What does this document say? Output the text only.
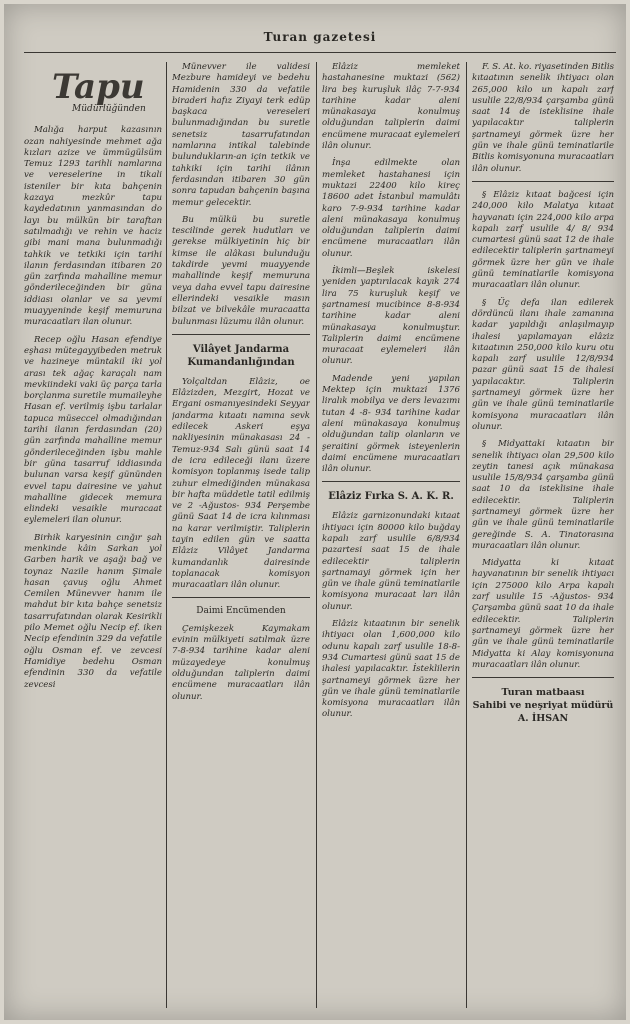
Turan gazetesi
Tapu
Müdürlüğünden

Malığa harput kazasının ozan nahiyesinde mehmet ağa kızları azize ve ümmügülsüm Temuz 1293 tarihli namlarına ve vereselerine in tikali isteniler bir kıta bahçenin kazaya mezkûr tapu kaydedatının yanmasından do layı bu mülkün bir taraftan satılmadığı ve rehin ve haciz gibi mani mana bulunmadığı tahkik ve tetkiki için tarihi ilanın ferdasından itibaren 20 gün zarfında mahalline memur gönderileceğinden bir güna iddiası olanlar ve sa yevmi muayyeninde keşif memuruna muracaatları ilan olunur.

Recep oğlu Hasan efendiye eşhası mütegayyibeden metruk ve hazineye müntakil iki yol arası tek ağaç karaçalı nam mevkiindeki vaki üç parça tarla borçlanma suretile mumaileyhe Hasan ef. verilmiş işbu tarlalar tapuca müseccel olmadığından tarihi ilanın ferdasından (20) gün zarfında mahalline memur gönderileceğinden işbu mahle bir güna tasarruf iddiasında bulunan varsa keşif gününden evvel tapu dairesine ve yahut mahalline gidecek memura elindeki vesaikle muracaat eylemeleri ilan olunur.

Birhik karyesinin cınğır şah menkinde kâin Sarkan yol Garben harik ve aşağı bağ ve toynaz Nazile hanım Şimale hasan çavuş oğlu Ahmet Cemilen Münevver hanım ile mahdut bir kıta bahçe senetsiz tasarrufatından olarak Kesirikli pilo Memet oğlu Necip ef. iken Necip efendinin 329 da vefatile oğlu Osman ef. ve zevcesi Hamidiye bedehu Osman efendinin 330 da vefatile zevcesi

Münevver ile validesi Mezbure hamideyi ve bedehu Hamidenin 330 da vefatile biraderi hafız Ziyayi terk edüp başkaca vereseleri bulunmadığından bu suretle senetsiz tasarrufatından namlarına intikal talebinde bulundukların-an için tetkik ve tahkiki için tarihi ilânın ferdasından itibaren 30 gün sonra tapudan bahçenin başına memur gelecektir.

Bu mülkü bu suretle tescilinde gerek hudutları ve gerekse mülkiyetinin hiç bir kimse ile alâkası bulunduğu takdirde yevmi muayyende mahallinde keşif memuruna veya daha evvel tapu dairesine ellerindeki vesaikle masın bilzat ve bilvekâle muracaatta bulunması lüzumu ilân olunur.

Vilâyet Jandarma Kumandanlığından

Yolçaltdan Elâziz, oe Elâzizden, Mezgirt, Hozat ve Ergani osmanıyesindeki Seyyar jandarma kıtaatı namına sevk edilecek Askeri eşya nakliyesinin münakasası 24 -Temuz-934 Salı günü saat 14 de icra edileceği ilanı üzere komisyon toplanmış isede talip zuhur elmediğinden münakasa bir hafta müddetle tatil edilmiş ve 2 -Ağustos- 934 Perşembe günü Saat 14 de icra kılınması na karar verilmiştir. Taliplerin tayin edilen gün ve saatta Elâziz Vilâyet Jandarma kumandanlık dairesinde toplanacak komisyon muracaatları ilân olunur.

Daimi Encümenden

Çemişkezek Kaymakam evinin mülkiyeti satılmak üzre 7-8-934 tarihine kadar aleni müzayedeye konulmuş olduğundan taliplerin daimi encümene muracaatları ilân olunur.

Elâziz memleket hastahanesine muktazi (562) lira beş kuruşluk ilâç 7-7-934 tarihine kadar aleni münakasaya konulmuş olduğundan taliplerin daimi encümene muracaat eylemeleri ilân olunur.

İnşa edilmekte olan memleket hastahanesi için muktazi 22400 kilo kireç 18600 adet İstanbul mamulâtı karo 7-9-934 tarihine kadar aleni münakasaya konulmuş olduğundan taliplerin daimi encümene muracaatları ilân olunur.

İkimli—Beşlek iskelesi yeniden yaptırılacak kayık 274 lira 75 kuruşluk keşif ve şartnamesi mucibince 8-8-934 tarihine kadar aleni münakasaya konulmuştur. Taliplerin daimi encümene muracaat eylemeleri ilân olunur.

Madende yeni yapılan Mektep için muktazi 1376 liralık mobilya ve ders levazımı tutan 4 -8- 934 tarihine kadar aleni münakasaya konulmuş olduğundan talip olanların ve şeraitini görmek isteyenlerin daimi encümene muracaatları ilân olunur.

Elâziz Fırka S. A. K. R.

Elâziz garnizonundaki kıtaat ihtiyacı için 80000 kilo buğday kapalı zarf usulile 6/8/934 pazartesi saat 15 de ihale edilecektir taliplerin şartnamayi görmek için her gün ve ihale günü teminatlarile komisyona muracaat ları ilân olunur.

Elâziz kıtaatının bir senelik ihtiyacı olan 1,600,000 kilo odunu kapalı zarf usulile 18-8-934 Cumartesi günü saat 15 de ihalesi yapılacaktır. İsteklilerin şartnameyi görmek üzre her gün ve ihale günü teminatlarile komisyona muracaatları ilân olunur.

F. S. At. ko. riyasetinden Bitlis kıtaatının senelik ihtiyacı olan 265,000 kilo un kapalı zarf usulile 22/8/934 çarşamba günü saat 14 de isteklisine ihale yapılacaktır taliplerin şartnameyi görmek üzre her gün ve ihale günü teminatlarile Bitlis komisyonuna muracaatları ilân olunur.

§ Elâziz kıtaat bağcesi için 240,000 kilo Malatya kıtaat hayvanatı için 224,000 kilo arpa kapalı zarf usulile 4/ 8/ 934 cumartesi günü saat 12 de ihale edilecektir taliplerin şartnameyi görmek üzre her gün ve ihale günü teminatlarile komisyona muracaatları ilân olunur.

§ Üç defa ilan edilerek dördüncü ilanı ihale zamanına kadar yapıldığı anlaşılmayıp ihalesi yapılamayan elâziz kıtaatının 250,000 kilo kuru otu kapalı zarf usulile 12/8/934 pazar günü saat 15 de ihalesi yapılacaktır. Taliplerin şartnameyi görmek üzre her gün ve ihale günü teminatlarile komisyona muracaatları ilân olunur.

§ Midyattaki kıtaatın bir senelik ihtiyacı olan 29,500 kilo zeytin tanesi açık münakasa usulile 15/8/934 çarşamba günü saat 10 da isteklisine ihale edilecektir. Taliplerin şartnameyi görmek üzre her gün ve ihale günü teminatlarile gereğinde S. A. Tinatorasına muracaatları ilân olunur.

Midyatta ki kıtaat hayvanatının bir senelik ihtiyacı için 275000 kilo Arpa kapalı zarf usulile 15 -Ağustos- 934 Çarşamba günü saat 10 da ihale edilecektir. Taliplerin şartnameyi görmek üzre her gün ve ihale günü teminatlarile Midyatta ki Alay komisyonuna muracaatları ilân olunur.

Turan matbaası
Sahibi ve neşriyat müdürü
A. İHSAN
